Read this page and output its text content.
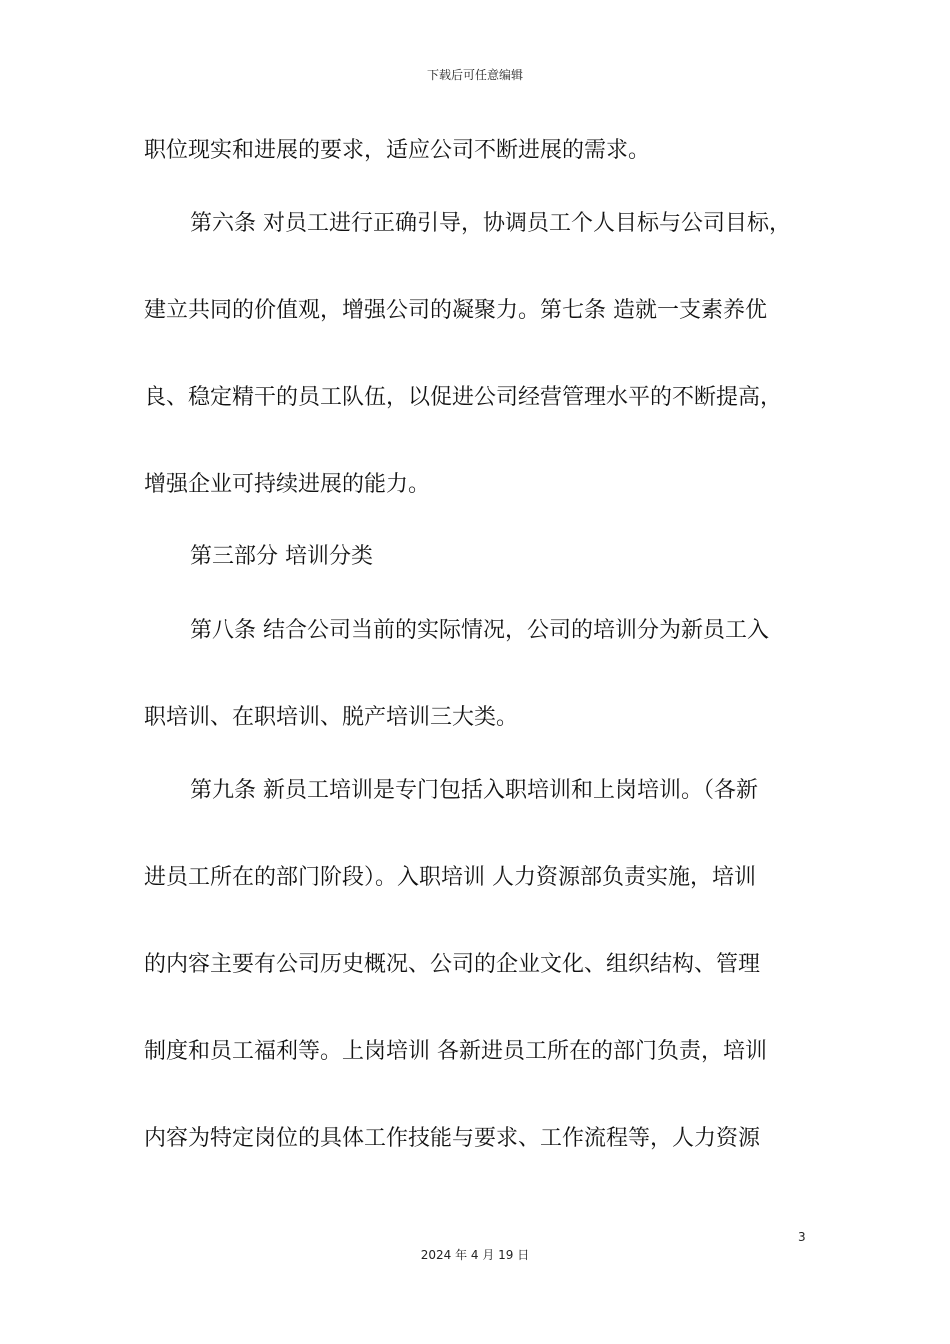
下载后可任意编辑
职位现实和进展的要求，适应公司不断进展的需求。
第六条 对员工进行正确引导，协调员工个人目标与公司目标，
建立共同的价值观，增强公司的凝聚力。第七条 造就一支素养优
良、稳定精干的员工队伍，以促进公司经营管理水平的不断提高，
增强企业可持续进展的能力。
第三部分 培训分类
第八条 结合公司当前的实际情况，公司的培训分为新员工入
职培训、在职培训、脱产培训三大类。
第九条 新员工培训是专门包括入职培训和上岗培训。（各新
进员工所在的部门阶段）。入职培训 人力资源部负责实施，培训
的内容主要有公司历史概况、公司的企业文化、组织结构、管理
制度和员工福利等。上岗培训 各新进员工所在的部门负责，培训
内容为特定岗位的具体工作技能与要求、工作流程等，人力资源
3
2024 年 4 月 19 日
